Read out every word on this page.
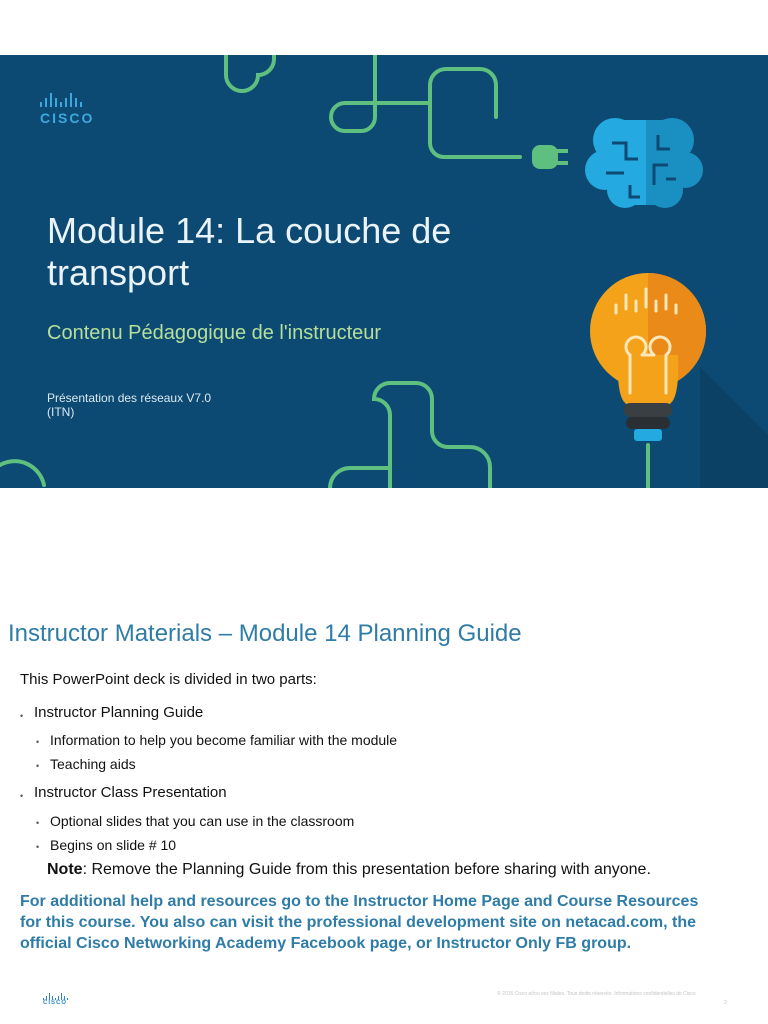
CISCO
Module 14: La couche de transport
Contenu Pédagogique de l'instructeur
Présentation des réseaux V7.0
(ITN)
Instructor Materials – Module 14 Planning Guide
This PowerPoint deck is divided in two parts:
• Instructor Planning Guide
• Information to help you become familiar with the module
• Teaching aids
• Instructor Class Presentation
• Optional slides that you can use in the classroom
• Begins on slide # 10
Note: Remove the Planning Guide from this presentation before sharing with anyone.
For additional help and resources go to the Instructor Home Page and Course Resources for this course. You also can visit the professional development site on netacad.com, the official Cisco Networking Academy Facebook page, or Instructor Only FB group.
CISCO
© 2016 Cisco et/ou ses filiales. Tous droits réservés. Informations confidentielles de Cisco
2
